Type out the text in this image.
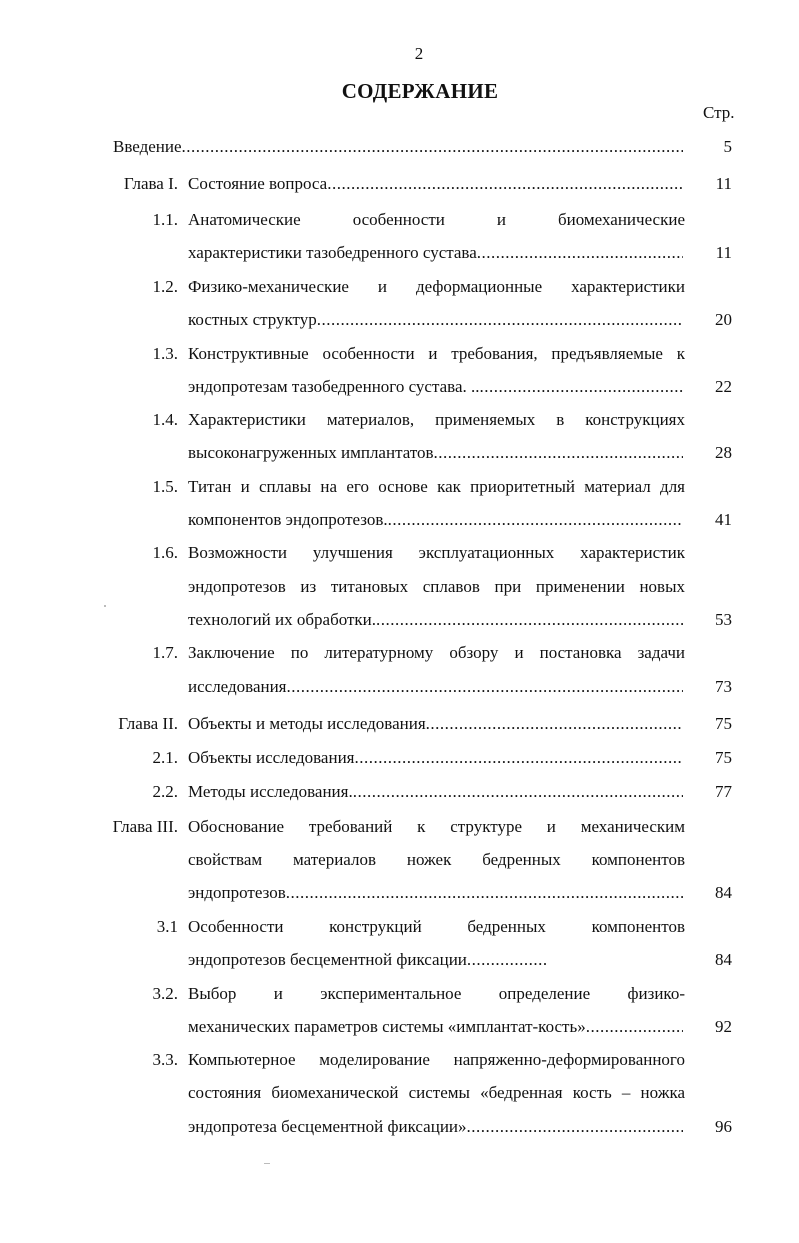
2
СОДЕРЖАНИЕ
Стр.
Введение .....	5
Глава I. Состояние вопроса .....	11
1.1. Анатомические особенности и биомеханические
характеристики тазобедренного сустава .....	11
1.2. Физико-механические и деформационные характеристики
костных структур .....	20
1.3. Конструктивные особенности и требования, предъявляемые к
эндопротезам тазобедренного сустава. .. .....	22
1.4. Характеристики материалов, применяемых в конструкциях
высоконагруженных имплантатов .....	28
1.5. Титан и сплавы на его основе как приоритетный материал для
компонентов эндопротезов. .....	41
1.6. Возможности улучшения эксплуатационных характеристик
эндопротезов из титановых сплавов при применении новых
технологий их обработки. .....	53
1.7. Заключение по литературному обзору и постановка задачи
исследования .....	73
Глава II. Объекты и методы исследования .....	75
2.1. Объекты исследования .....	75
2.2. Методы исследования. .....	77
Глава III. Обоснование требований к структуре и механическим
свойствам материалов ножек бедренных компонентов
эндопротезов .....	84
3.1 Особенности конструкций бедренных компонентов
эндопротезов бесцементной фиксации .....	84
3.2. Выбор и экспериментальное определение физико-
механических параметров системы «имплантат-кость» .....	92
3.3. Компьютерное моделирование напряженно-деформированного
состояния биомеханической системы «бедренная кость – ножка
эндопротеза бесцементной фиксации» .....	96
